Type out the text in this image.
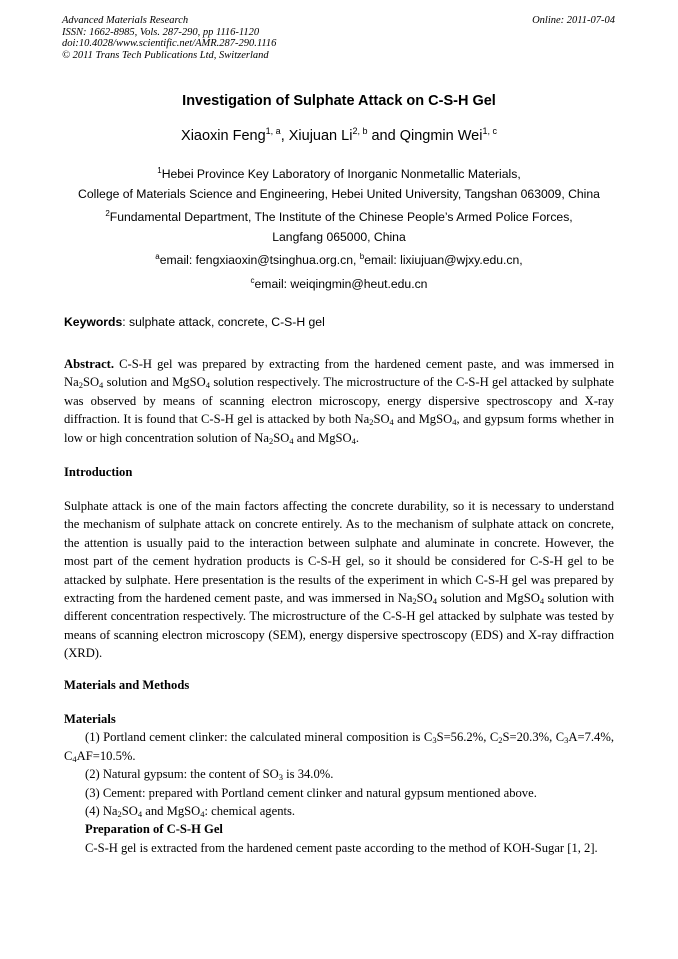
Advanced Materials Research
ISSN: 1662-8985, Vols. 287-290, pp 1116-1120
doi:10.4028/www.scientific.net/AMR.287-290.1116
© 2011 Trans Tech Publications Ltd, Switzerland
Online: 2011-07-04
Investigation of Sulphate Attack on C-S-H Gel
Xiaoxin Feng$^{1, a}$, Xiujuan Li$^{2, b}$ and Qingmin Wei$^{1, c}$
$^1$Hebei Province Key Laboratory of Inorganic Nonmetallic Materials,
College of Materials Science and Engineering, Hebei United University, Tangshan 063009, China
$^2$Fundamental Department, The Institute of the Chinese People’s Armed Police Forces,
Langfang 065000, China
$^a$email: fengxiaoxin@tsinghua.org.cn, $^b$email: lixiujuan@wjxy.edu.cn,
$^c$email: weiqingmin@heut.edu.cn
Keywords: sulphate attack, concrete, C-S-H gel
Abstract. C-S-H gel was prepared by extracting from the hardened cement paste, and was immersed in $Na_2SO_4$ solution and MgSO$_4$ solution respectively. The microstructure of the C-S-H gel attacked by sulphate was observed by means of scanning electron microscopy, energy dispersive spectroscopy and X-ray diffraction. It is found that C-S-H gel is attacked by both $Na_2SO_4$ and MgSO$_4$, and gypsum forms whether in low or high concentration solution of $Na_2SO_4$ and MgSO$_4$.
Introduction
Sulphate attack is one of the main factors affecting the concrete durability, so it is necessary to understand the mechanism of sulphate attack on concrete entirely. As to the mechanism of sulphate attack on concrete, the attention is usually paid to the interaction between sulphate and aluminate in concrete. However, the most part of the cement hydration products is C-S-H gel, so it should be considered for C-S-H gel to be attacked by sulphate. Here presentation is the results of the experiment in which C-S-H gel was prepared by extracting from the hardened cement paste, and was immersed in $Na_2SO_4$ solution and MgSO$_4$ solution with different concentration respectively. The microstructure of the C-S-H gel attacked by sulphate was tested by means of scanning electron microscopy (SEM), energy dispersive spectroscopy (EDS) and X-ray diffraction (XRD).
Materials and Methods
Materials
(1) Portland cement clinker: the calculated mineral composition is $C_3S=56.2\%$, $C_2S=20.3\%$, $C_3A=7.4\%$, $C_4AF=10.5\%$.
(2) Natural gypsum: the content of $SO_3$ is 34.0%.
(3) Cement: prepared with Portland cement clinker and natural gypsum mentioned above.
(4) $Na_2SO_4$ and MgSO$_4$: chemical agents.
Preparation of C-S-H Gel
C-S-H gel is extracted from the hardened cement paste according to the method of KOH-Sugar [1, 2].
